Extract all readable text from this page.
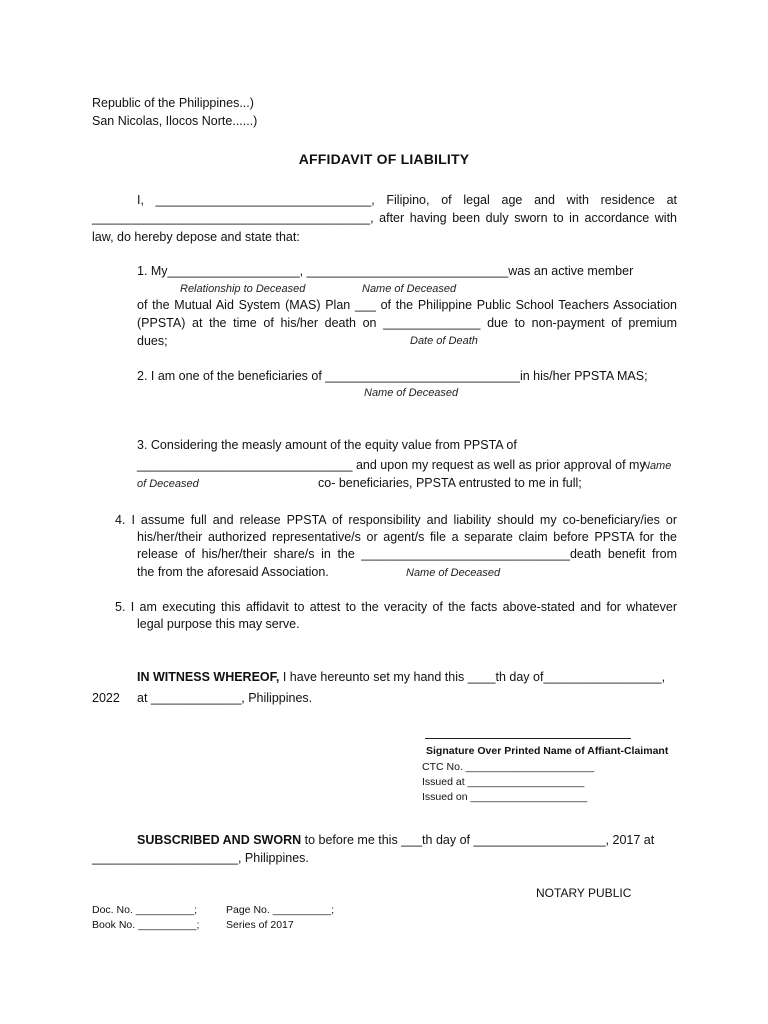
Republic of the Philippines...)
San Nicolas, Ilocos Norte......)
AFFIDAVIT OF LIABILITY
I, _______________________________, Filipino, of legal age and with residence at
________________________________________, after having been duly sworn to in accordance with
law, do hereby depose and state that:
1. My___________________, _____________________________was an active member
Relationship to Deceased	Name of Deceased
of the Mutual Aid System (MAS) Plan ___ of the Philippine Public School Teachers Association
(PPSTA) at the time of his/her death on ______________ due to non-payment of premium
dues;	Date of Death
2. I am one of the beneficiaries of ____________________________in his/her PPSTA MAS;
Name of Deceased
3. Considering the measly amount of the equity value from PPSTA of
_______________________________ and upon my request as well as prior approval of my
Name
of Deceased	co- beneficiaries, PPSTA entrusted to me in full;
4. I assume full and release PPSTA of responsibility and liability should my co-beneficiary/ies or
his/her/their authorized representative/s or agent/s file a separate claim before PPSTA for the
release of his/her/their share/s in the ______________________________death benefit from
the from the aforesaid Association.	Name of Deceased
5. I am executing this affidavit to attest to the veracity of the facts above-stated and for whatever
legal purpose this may serve.
IN WITNESS WHEREOF, I have hereunto set my hand this ____th day of_________________,
2022 at _____________, Philippines.
Signature Over Printed Name of Affiant-Claimant
CTC No. ______________________
Issued at ____________________
Issued on ____________________
SUBSCRIBED AND SWORN to before me this ___th day of ___________________, 2017 at
_____________________, Philippines.
NOTARY PUBLIC
Doc. No. __________;	Page No. __________;
Book No. __________;	Series of 2017
